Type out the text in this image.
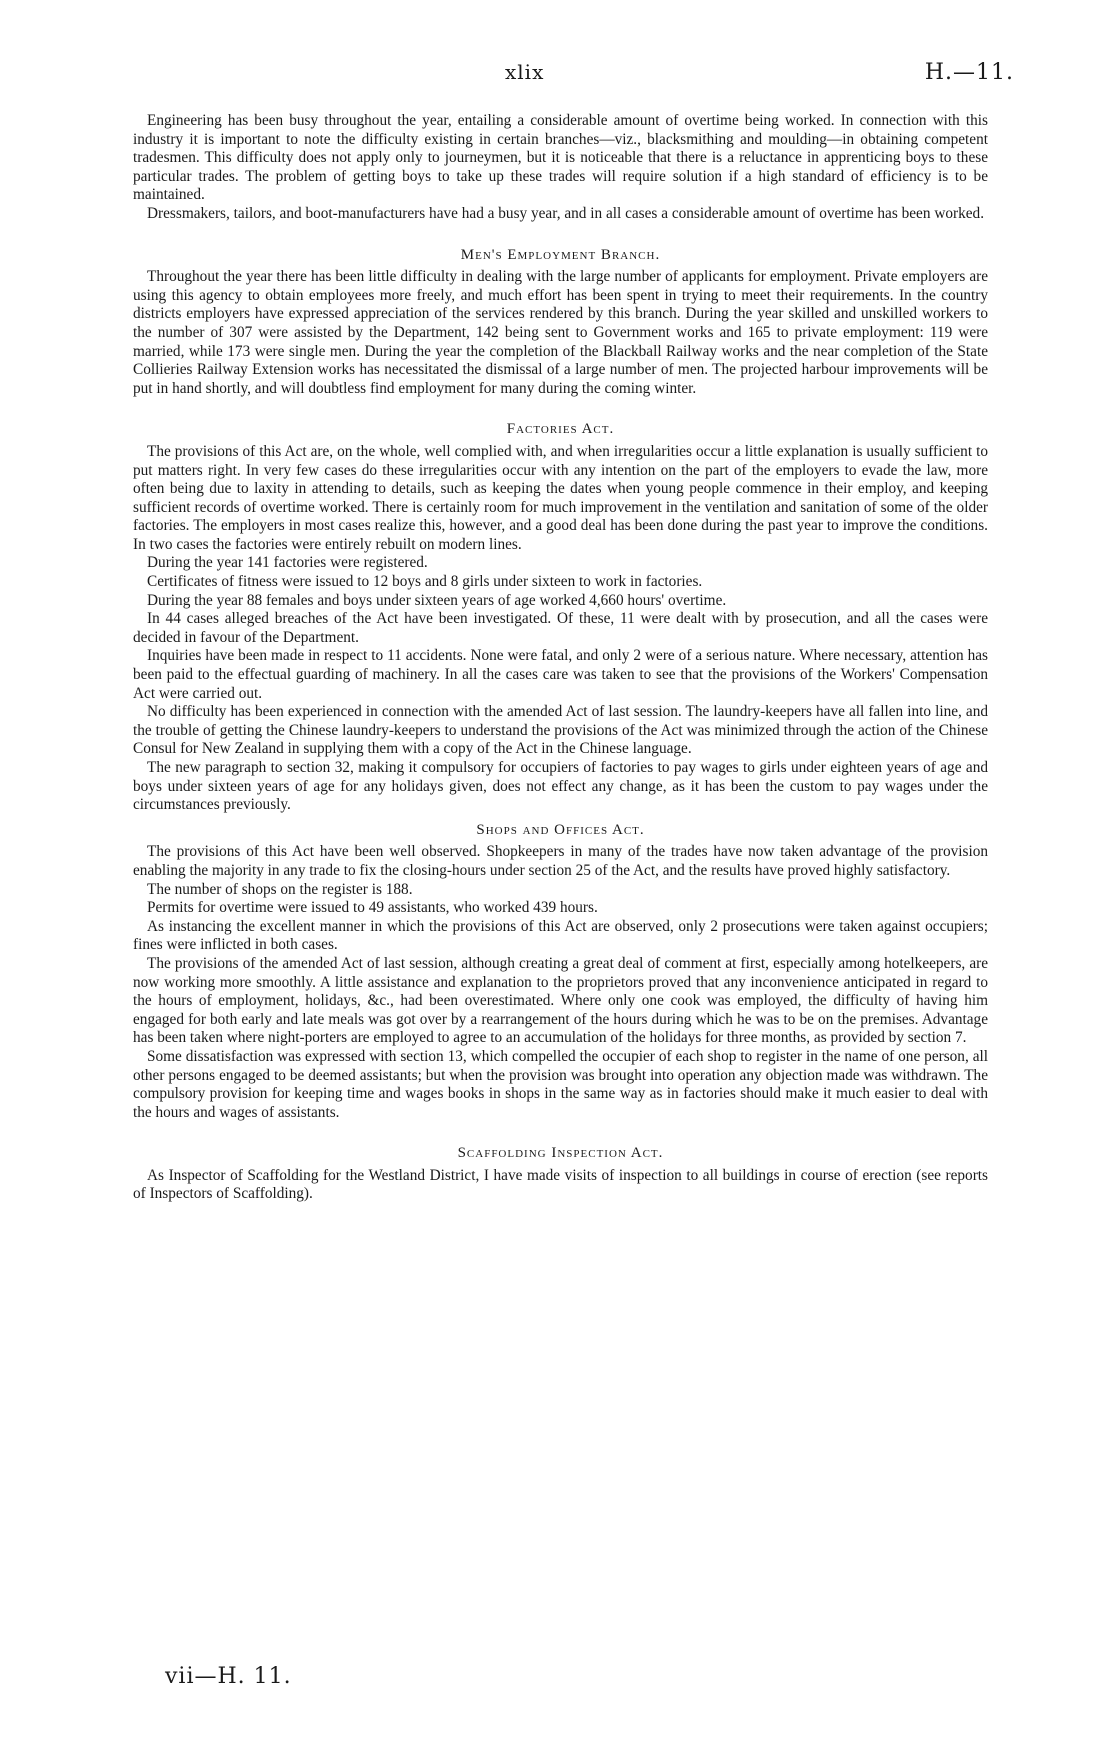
xlix	H.—11.

Engineering has been busy throughout the year, entailing a considerable amount of overtime being worked. In connection with this industry it is important to note the difficulty existing in certain branches—viz., blacksmithing and moulding—in obtaining competent tradesmen. This difficulty does not apply only to journeymen, but it is noticeable that there is a reluctance in apprenticing boys to these particular trades. The problem of getting boys to take up these trades will require solution if a high standard of efficiency is to be maintained.

Dressmakers, tailors, and boot-manufacturers have had a busy year, and in all cases a considerable amount of overtime has been worked.

Men's Employment Branch.

Throughout the year there has been little difficulty in dealing with the large number of applicants for employment. Private employers are using this agency to obtain employees more freely, and much effort has been spent in trying to meet their requirements. In the country districts employers have expressed appreciation of the services rendered by this branch. During the year skilled and unskilled workers to the number of 307 were assisted by the Department, 142 being sent to Government works and 165 to private employment: 119 were married, while 173 were single men. During the year the completion of the Blackball Railway works and the near completion of the State Collieries Railway Extension works has necessitated the dismissal of a large number of men. The projected harbour improvements will be put in hand shortly, and will doubtless find employment for many during the coming winter.

Factories Act.

The provisions of this Act are, on the whole, well complied with, and when irregularities occur a little explanation is usually sufficient to put matters right. In very few cases do these irregularities occur with any intention on the part of the employers to evade the law, more often being due to laxity in attending to details, such as keeping the dates when young people commence in their employ, and keeping sufficient records of overtime worked. There is certainly room for much improvement in the ventilation and sanitation of some of the older factories. The employers in most cases realize this, however, and a good deal has been done during the past year to improve the conditions. In two cases the factories were entirely rebuilt on modern lines.

During the year 141 factories were registered.

Certificates of fitness were issued to 12 boys and 8 girls under sixteen to work in factories.

During the year 88 females and boys under sixteen years of age worked 4,660 hours' overtime.

In 44 cases alleged breaches of the Act have been investigated. Of these, 11 were dealt with by prosecution, and all the cases were decided in favour of the Department.

Inquiries have been made in respect to 11 accidents. None were fatal, and only 2 were of a serious nature. Where necessary, attention has been paid to the effectual guarding of machinery. In all the cases care was taken to see that the provisions of the Workers' Compensation Act were carried out.

No difficulty has been experienced in connection with the amended Act of last session. The laundry-keepers have all fallen into line, and the trouble of getting the Chinese laundry-keepers to understand the provisions of the Act was minimized through the action of the Chinese Consul for New Zealand in supplying them with a copy of the Act in the Chinese language.

The new paragraph to section 32, making it compulsory for occupiers of factories to pay wages to girls under eighteen years of age and boys under sixteen years of age for any holidays given, does not effect any change, as it has been the custom to pay wages under the circumstances previously.

Shops and Offices Act.

The provisions of this Act have been well observed. Shopkeepers in many of the trades have now taken advantage of the provision enabling the majority in any trade to fix the closing-hours under section 25 of the Act, and the results have proved highly satisfactory.

The number of shops on the register is 188.

Permits for overtime were issued to 49 assistants, who worked 439 hours.

As instancing the excellent manner in which the provisions of this Act are observed, only 2 prosecutions were taken against occupiers; fines were inflicted in both cases.

The provisions of the amended Act of last session, although creating a great deal of comment at first, especially among hotelkeepers, are now working more smoothly. A little assistance and explanation to the proprietors proved that any inconvenience anticipated in regard to the hours of employment, holidays, &c., had been overestimated. Where only one cook was employed, the difficulty of having him engaged for both early and late meals was got over by a rearrangement of the hours during which he was to be on the premises. Advantage has been taken where night-porters are employed to agree to an accumulation of the holidays for three months, as provided by section 7.

Some dissatisfaction was expressed with section 13, which compelled the occupier of each shop to register in the name of one person, all other persons engaged to be deemed assistants; but when the provision was brought into operation any objection made was withdrawn. The compulsory provision for keeping time and wages books in shops in the same way as in factories should make it much easier to deal with the hours and wages of assistants.

Scaffolding Inspection Act.

As Inspector of Scaffolding for the Westland District, I have made visits of inspection to all buildings in course of erection (see reports of Inspectors of Scaffolding).

vii—H. 11.
